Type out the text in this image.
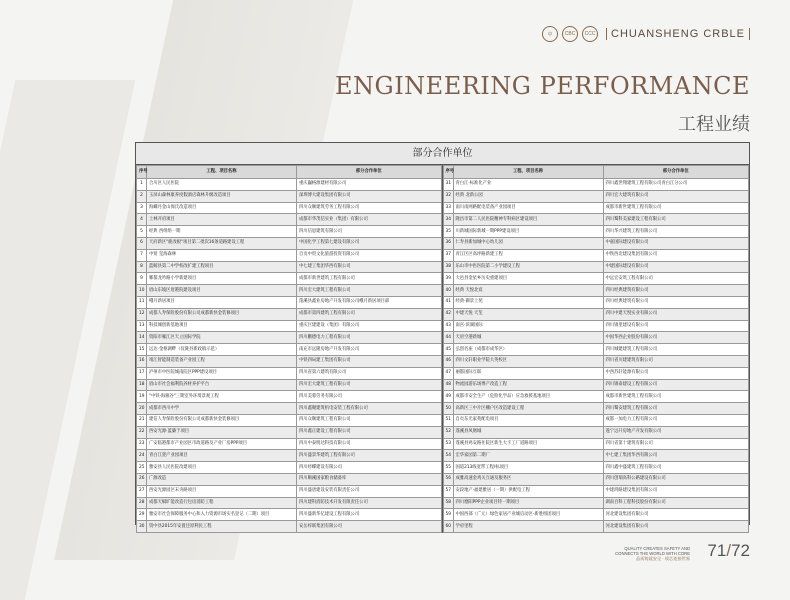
中	CBC	CCC	CHUANSHENG CRBLE
ENGINEERING PERFORMANCE
工程业绩
部分合作单位
序号	工程、项目名称	部分合作单位
1	合川区人民医院	重庆巍格源建材有限公司
2	玉屏山森林康养度假酒店森林升级改造项目	深圳博大建设集团有限公司
3	海螺丹金山保氏改造项目	四川众顺建筑劳务工程有限公司
4	上林开府项目	成都市华茂信实业（集团）有限公司
5	经典 西组组一期	四川信思建筑有限公司
6	天府新区"鹿改板"项目第二批次16条道路建设工程	中国化学工程第七建设有限公司
7	中贸 玺海森林	自贡中贸文化旅游投资有限公司
8	蓝鲸县第二中学校改扩建工程项目	中七建工集团华西有限公司
9	郫都龙吟路小学新建项目	成都市新世建筑工程有限公司
10	眉山东坡区眉港院建设项目	四川宏大建筑工程有限公司
11	峨月新居项目	蓬溪县鑫业房地产开发有限公司峨月新居项目部
12	成都人寿保险股份有限公司成都新快金装修项目	成都市第四建筑工程有限公司
13	科技城创新基地项目	重庆巨建建设（集团）有限公司
14	资阳市雁江区天立国际学院	四川鹏德电力工程有限公司
15	远达·金枢湖畔（仪陇县新政镇示范）	南充市远隆房地产开发有限公司
16	靖江智能制造装备产业园工程	中铁四局建工集团有限公司
17	泸州市中医院城南院区PPP建设项目	四川省第六建筑有限公司
18	眉山市社会福利院养材养护平台	四川宏大建筑工程有限公司
19	"中铁·海雁谷"三期室外环境景观工程	四川美蓉劳务有限公司
20	成都市西川中学	四川鑫聚建筑机电安装工程有限公司
21	建信人寿保险股份有限公司成都新快金装修项目	四川众顺建筑工程有限公司
22	西安光源·蓝廉于项目	四川鑫正建设工程有限公司
23	广安临港都市产业园区市政道路及产业厂房PPP项目	四川中泰明达科技有限公司
24	青白江瓷产业园项目	四川盛景华建筑工程有限公司
25	雅安县人民医院改建项目	四川经蝶建设有限公司
26	广源改造	四川顺溪国家粮食储备库
27	西安光源园区末央路项目	四川盛唐建设安装有限责任公司
28	成都天赋旷能改造行包房消防工程	四川建科消防技术开发有限责任公司
29	雅安市社会保障服务中心和入力资源市场实名登记（二期）项目	四川盛新华亿建设工程有限公司
30	资中县2015年安置还原利民工程	安岳梓联集团有限公司
序号	工程、项目名称	部分合作单位
31	青白江·标准化产业	四川鑫世翔建筑工程有限公司青白江分公司
32	经典 北新公园	四川宏大建筑有限公司
33	南川南网路配电装备产业园项目	成都市新世建筑工程有限公司
34	隆昌市第二人民医院精神专科病区建设项目	四川蜀科美家建设工程有限公司
35	川新城国际新城一期PPP建设项目	四川华兴建筑工程有限公司
36	仁寿县新加城中心幼儿园	中嘉国际建设有限公司
37	青江区区高坪路新建工程	中铁西北建设集团有限公司
38	乐山市中医医院第二小学建设工程	中建国际建设有限公司
39	大邑县金星乡历史重建项目	中远宏安筑工程有限公司
40	经典 天悦北宸	四川经典建筑有限公司
41	经典·御景上苑	四川经典建筑有限公司
42	中建天悦 天玺	四川中建天悦实业有限公司
43	南宫·滨湖国际	四川锦里建设有限公司
44	天府空港新城	中国华西企业股份有限公司
45	弘创名座（成都市成华区）	四川城建建筑工程有限公司
46	四川文轩职业学院大英校区	四川省川建建筑有限公司
47	丽都国际互联	中西苏轩能源有限公司
48	物流园游乐场博产改造工程	四川锦泰建设工程有限公司
49	成都市安全生产（危险化学品）应急救援基地项目	成都市新世建筑工程有限公司
50	高新区三中片区棚户区改造建设工程	四川蜀安建筑工程有限公司
51	自贡东光家苑配电项目	成都一加电力工程有限公司
52	蓬溪县凤凰城	遂宁远升房地产开发有限公司
53	蓬溪县鸡安路住院区新生大卡工厂道路项目	四川省第十建筑有限公司
54	宏华家园第二期厂	中七建工集团华西有限公司
55	国道213线宽带工程/标项目	四川鑫中盛建筑工程有限公司
56	成雅高速金鸡关互通及服务区	四川创瑞高科公路建设有限公司
57	安段地产·福建雅居（一期）供配电工程	中建鸿路建设集团有限公司
58	四川德阳PPP企业项目特一期项目	湖南百科工程科技股份有限公司
59	中国西部（广元）绿色家居产业城启动区-新胜组团项目	河北建设集团有限公司
60	学府里程	河北建设集团有限公司
QUALITY CREATES SAFETY AND
CONNECTS THE WORLD WITH CORE
品质铸就安全 · 线芯连接世界 71/72
